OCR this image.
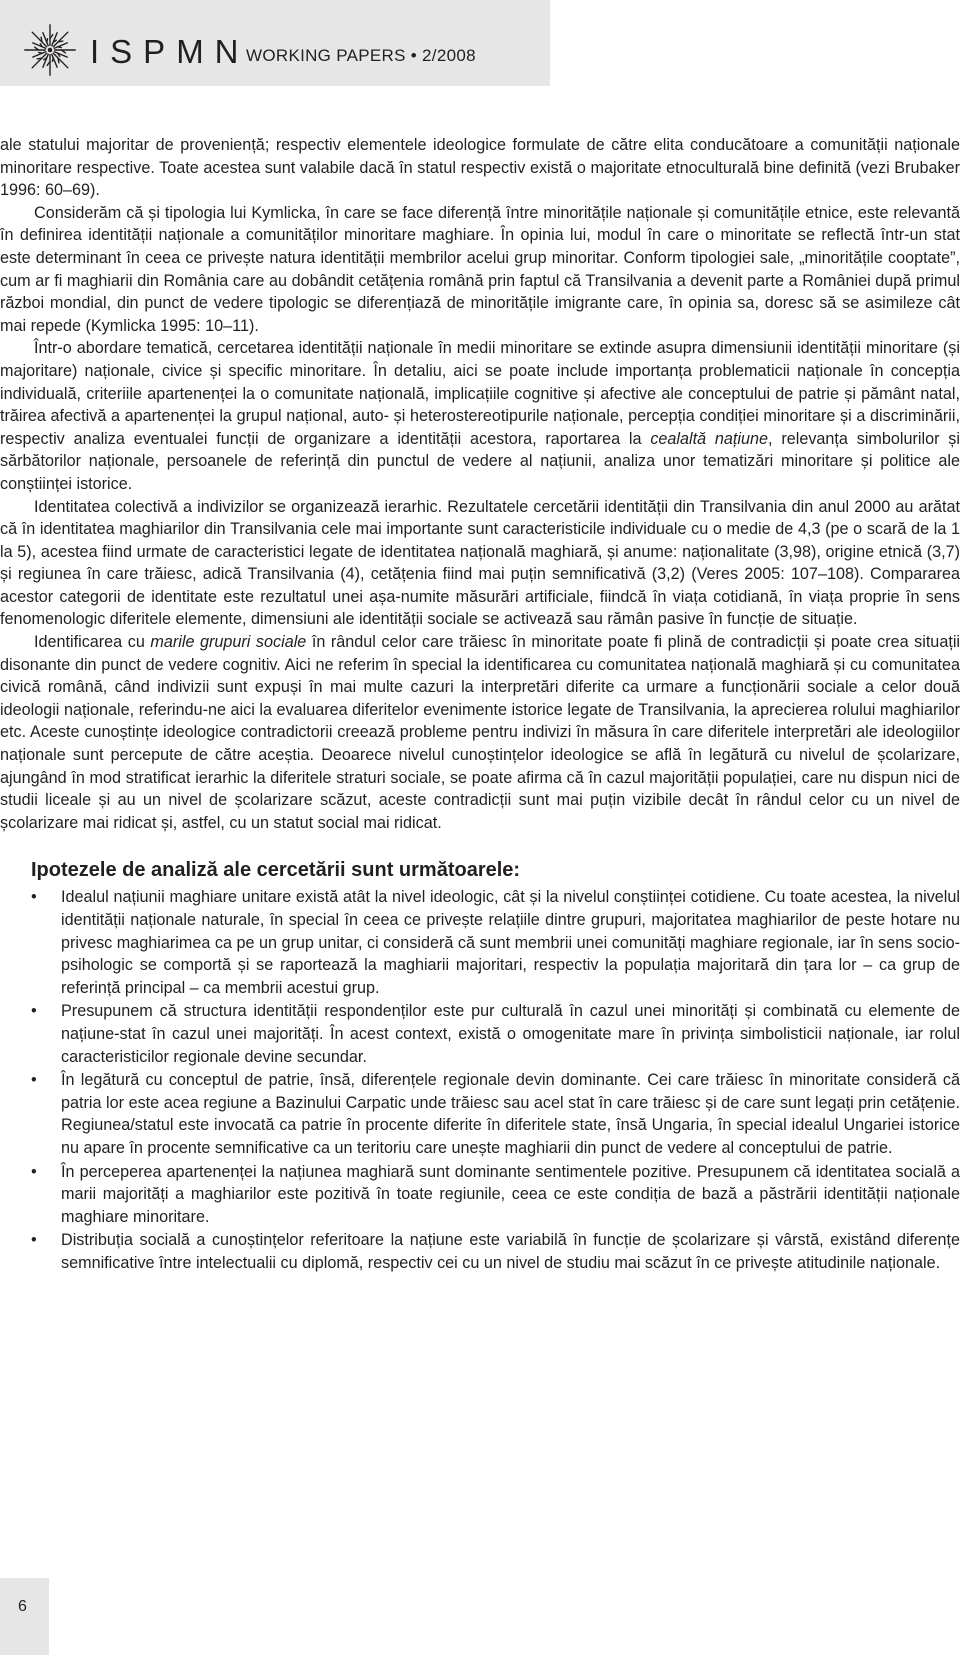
ISPMN
WORKING PAPERS • 2/2008

ale statului majoritar de proveniență; respectiv elementele ideologice formulate de către elita conducătoare a comunității naționale minoritare respective. Toate acestea sunt valabile dacă în statul respectiv există o majoritate etnoculturală bine definită (vezi Brubaker 1996: 60–69).

Considerăm că și tipologia lui Kymlicka, în care se face diferență între minoritățile naționale și comunitățile etnice, este relevantă în definirea identității naționale a comunităților minoritare maghiare. În opinia lui, modul în care o minoritate se reflectă într-un stat este determinant în ceea ce privește natura identității membrilor acelui grup minoritar. Conform tipologiei sale, „minoritățile cooptate”, cum ar fi maghiarii din România care au dobândit cetățenia română prin faptul că Transilvania a devenit parte a României după primul război mondial, din punct de vedere tipologic se diferențiază de minoritățile imigrante care, în opinia sa, doresc să se asimileze cât mai repede (Kymlicka 1995: 10–11).

Într-o abordare tematică, cercetarea identității naționale în medii minoritare se extinde asupra dimensiunii identității minoritare (și majoritare) naționale, civice și specific minoritare. În detaliu, aici se poate include importanța problematicii naționale în concepția individuală, criteriile apartenenței la o comunitate națională, implicațiile cognitive și afective ale conceptului de patrie și pământ natal, trăirea afectivă a apartenenței la grupul național, auto- și heterostereotipurile naționale, percepția condiției minoritare și a discriminării, respectiv analiza eventualei funcții de organizare a identității acestora, raportarea la cealaltă națiune, relevanța simbolurilor și sărbătorilor naționale, persoanele de referință din punctul de vedere al națiunii, analiza unor tematizări minoritare și politice ale conștiinței istorice.

Identitatea colectivă a indivizilor se organizează ierarhic. Rezultatele cercetării identității din Transilvania din anul 2000 au arătat că în identitatea maghiarilor din Transilvania cele mai importante sunt caracteristicile individuale cu o medie de 4,3 (pe o scară de la 1 la 5), acestea fiind urmate de caracteristici legate de identitatea națională maghiară, și anume: naționalitate (3,98), origine etnică (3,7) și regiunea în care trăiesc, adică Transilvania (4), cetățenia fiind mai puțin semnificativă (3,2) (Veres 2005: 107–108). Compararea acestor categorii de identitate este rezultatul unei așa-numite măsurări artificiale, fiindcă în viața cotidiană, în viața proprie în sens fenomenologic diferitele elemente, dimensiuni ale identității sociale se activează sau rămân pasive în funcție de situație.

Identificarea cu marile grupuri sociale în rândul celor care trăiesc în minoritate poate fi plină de contradicții și poate crea situații disonante din punct de vedere cognitiv. Aici ne referim în special la identificarea cu comunitatea națională maghiară și cu comunitatea civică română, când indivizii sunt expuși în mai multe cazuri la interpretări diferite ca urmare a funcționării sociale a celor două ideologii naționale, referindu-ne aici la evaluarea diferitelor evenimente istorice legate de Transilvania, la aprecierea rolului maghiarilor etc. Aceste cunoștințe ideologice contradictorii creează probleme pentru indivizi în măsura în care diferitele interpretări ale ideologiilor naționale sunt percepute de către aceștia. Deoarece nivelul cunoștințelor ideologice se află în legătură cu nivelul de școlarizare, ajungând în mod stratificat ierarhic la diferitele straturi sociale, se poate afirma că în cazul majorității populației, care nu dispun nici de studii liceale și au un nivel de școlarizare scăzut, aceste contradicții sunt mai puțin vizibile decât în rândul celor cu un nivel de școlarizare mai ridicat și, astfel, cu un statut social mai ridicat.

Ipotezele de analiză ale cercetării sunt următoarele:
• Idealul națiunii maghiare unitare există atât la nivel ideologic, cât și la nivelul conștiinței cotidiene. Cu toate acestea, la nivelul identității naționale naturale, în special în ceea ce privește relațiile dintre grupuri, majoritatea maghiarilor de peste hotare nu privesc maghiarimea ca pe un grup unitar, ci consideră că sunt membrii unei comunități maghiare regionale, iar în sens socio-psihologic se comportă și se raportează la maghiarii majoritari, respectiv la populația majoritară din țara lor – ca grup de referință principal – ca membrii acestui grup.
• Presupunem că structura identității respondenților este pur culturală în cazul unei minorități și combinată cu elemente de națiune-stat în cazul unei majorități. În acest context, există o omogenitate mare în privința simbolisticii naționale, iar rolul caracteristicilor regionale devine secundar.
• În legătură cu conceptul de patrie, însă, diferențele regionale devin dominante. Cei care trăiesc în minoritate consideră că patria lor este acea regiune a Bazinului Carpatic unde trăiesc sau acel stat în care trăiesc și de care sunt legați prin cetățenie. Regiunea/statul este invocată ca patrie în procente diferite în diferitele state, însă Ungaria, în special idealul Ungariei istorice nu apare în procente semnificative ca un teritoriu care unește maghiarii din punct de vedere al conceptului de patrie.
• În perceperea apartenenței la națiunea maghiară sunt dominante sentimentele pozitive. Presupunem că identitatea socială a marii majorități a maghiarilor este pozitivă în toate regiunile, ceea ce este condiția de bază a păstrării identității naționale maghiare minoritare.
• Distribuția socială a cunoștințelor referitoare la națiune este variabilă în funcție de școlarizare și vârstă, existând diferențe semnificative între intelectualii cu diplomă, respectiv cei cu un nivel de studiu mai scăzut în ce privește atitudinile naționale.
6
